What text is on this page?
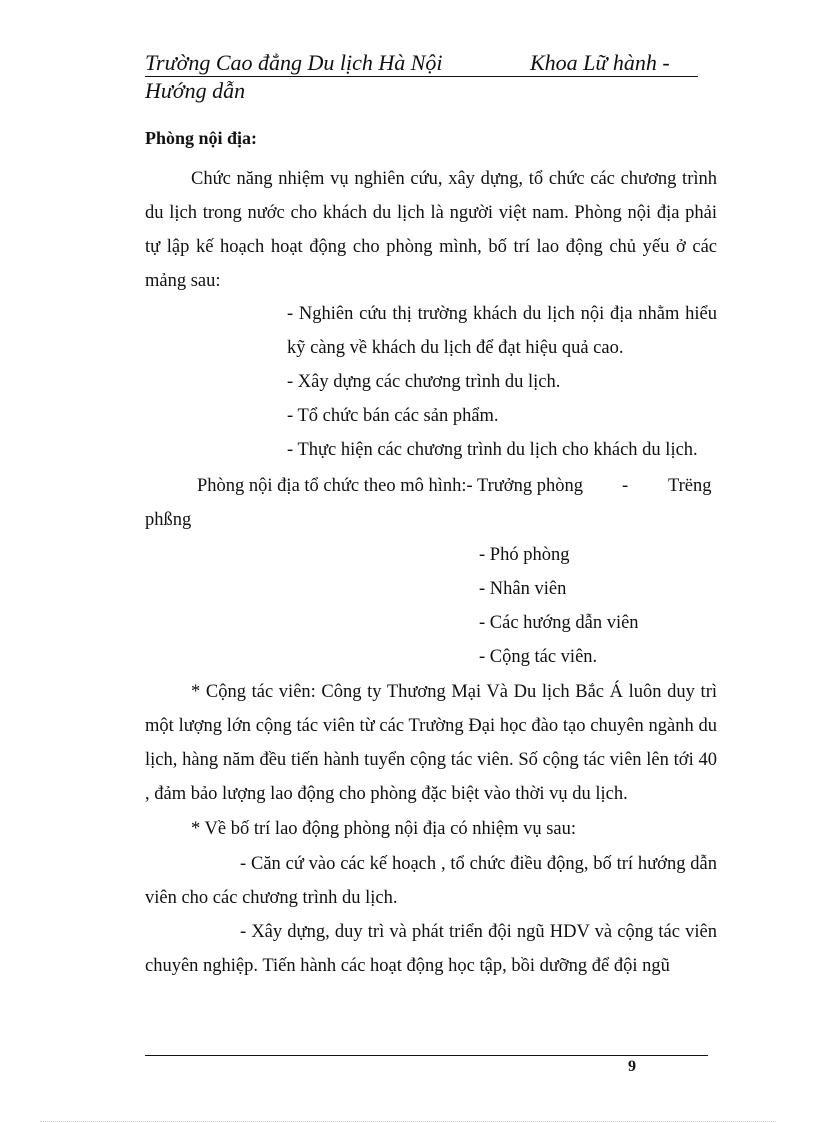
Trường Cao đẳng Du lịch Hà Nội	Khoa Lữ hành -
Hướng dẫn
Phòng nội địa:
Chức năng nhiệm vụ nghiên cứu, xây dựng, tổ chức các chương trình
du lịch trong nước cho khách du lịch là người việt nam. Phòng nội địa phải
tự lập kế hoạch hoạt động cho phòng mình, bố trí lao động chủ yếu ở các
mảng sau:
- Nghiên cứu thị trường khách du lịch nội địa nhằm hiểu
kỹ càng về khách du lịch để đạt hiệu quả cao.
- Xây dựng các chương trình du lịch.
- Tổ chức bán các sản phẩm.
- Thực hiện các chương trình du lịch cho khách du lịch.
Phòng nội địa tổ chức theo mô hình:- Trưởng phòng - Trëng
phßng
- Phó phòng
- Nhân viên
- Các hướng dẫn viên
- Cộng tác viên.
* Cộng tác viên: Công ty Thương Mại Và Du lịch Bắc Á luôn duy trì
một lượng lớn cộng tác viên từ các Trường Đại học đào tạo chuyên ngành du
lịch, hàng năm đều tiến hành tuyển cộng tác viên. Số cộng tác viên lên tới 40
, đảm bảo lượng lao động cho phòng đặc biệt vào thời vụ du lịch.
* Về bố trí lao động phòng nội địa có nhiệm vụ sau:
- Căn cứ vào các kế hoạch , tổ chức điều động, bố trí hướng dẫn
viên cho các chương trình du lịch.
- Xây dựng, duy trì và phát triển đội ngũ HDV và cộng tác viên
chuyên nghiệp. Tiến hành các hoạt động học tập, bồi dưỡng để đội ngũ
9
